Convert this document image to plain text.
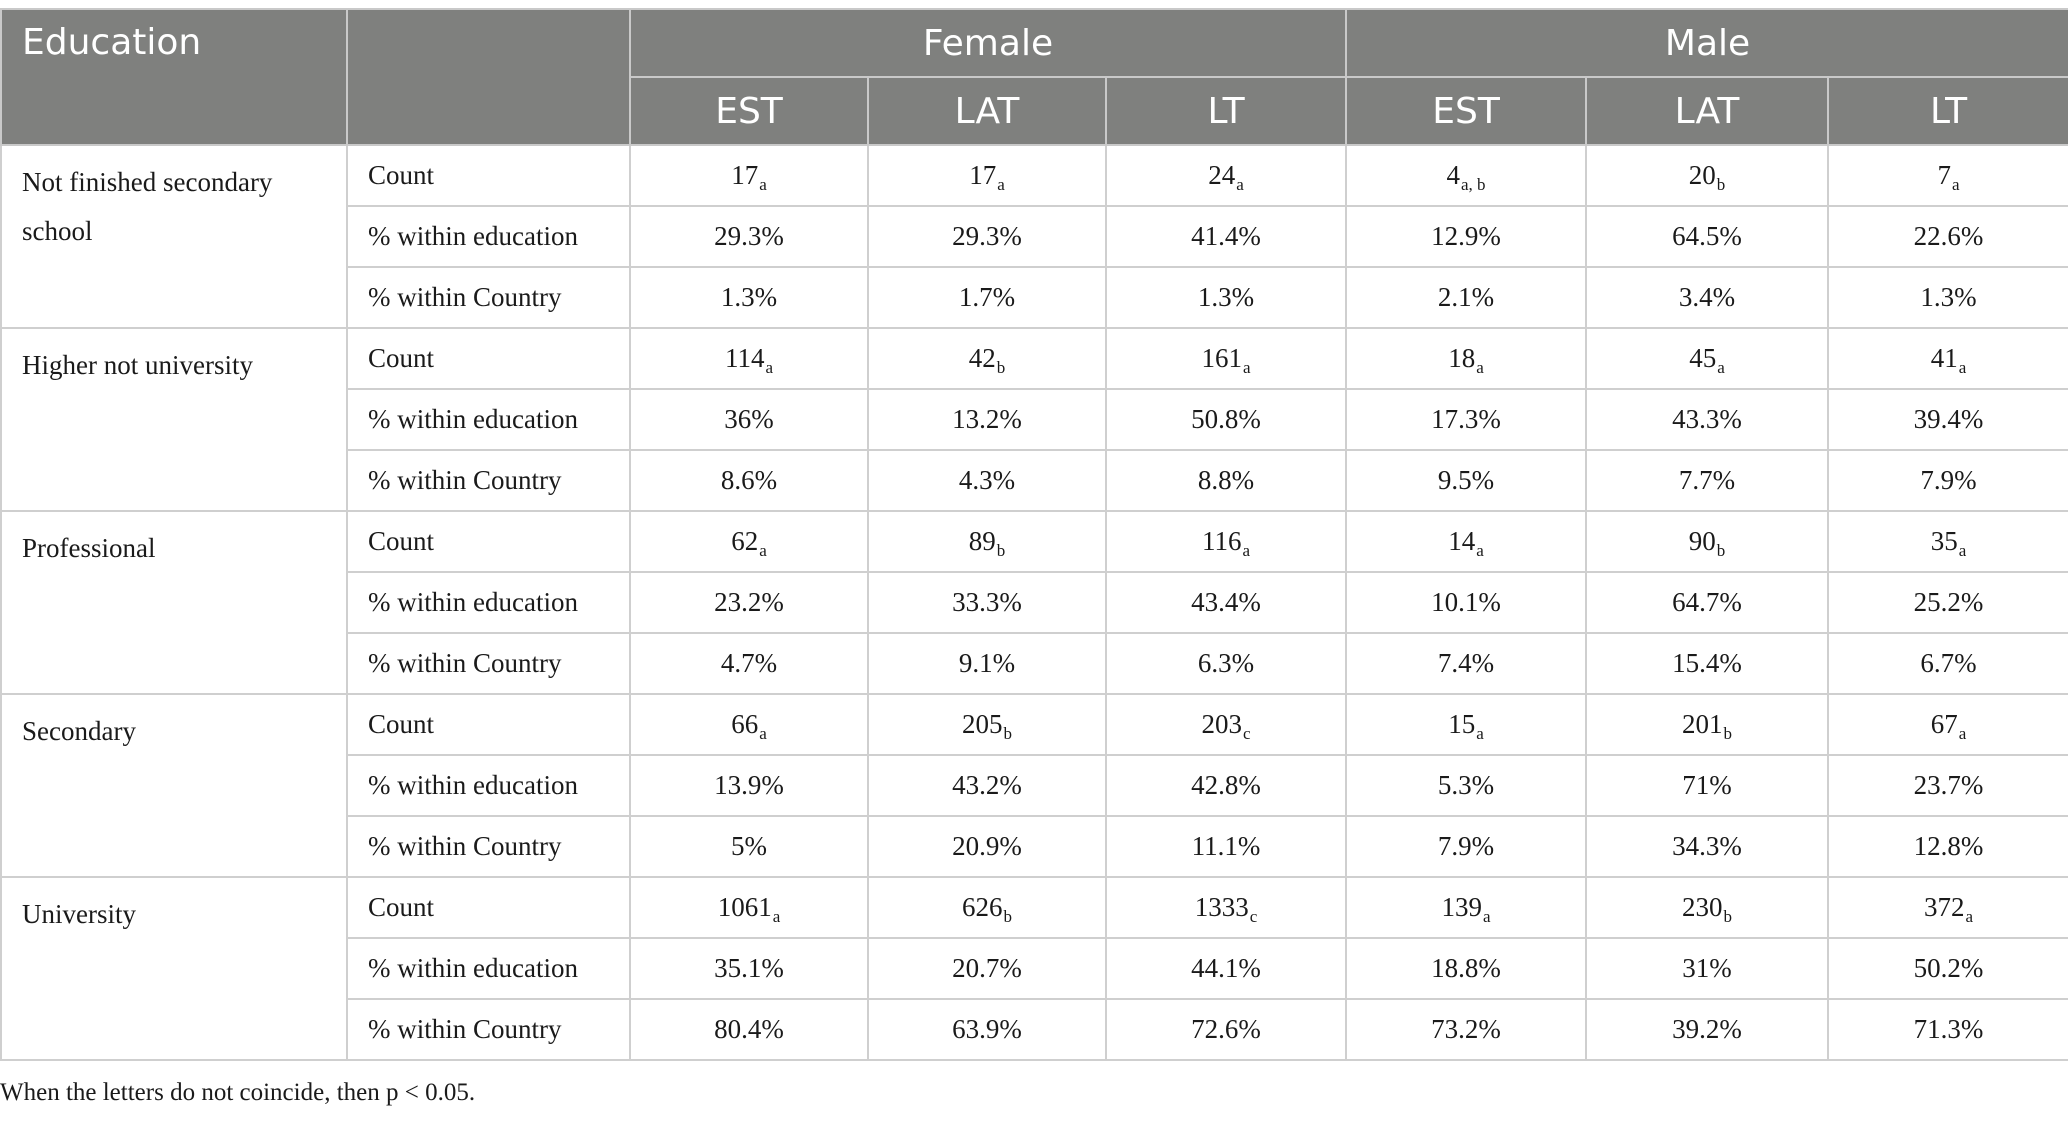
Education		Female			Male		
		EST	LAT	LT	EST	LAT	LT
Not finished secondary school	Count	$17_a$	$17_a$	$24_a$	$4_{a, b}$	$20_b$	$7_a$
	% within education	29.3%	29.3%	41.4%	12.9%	64.5%	22.6%
	% within Country	1.3%	1.7%	1.3%	2.1%	3.4%	1.3%
Higher not university	Count	$114_a$	$42_b$	$161_a$	$18_a$	$45_a$	$41_a$
	% within education	36%	13.2%	50.8%	17.3%	43.3%	39.4%
	% within Country	8.6%	4.3%	8.8%	9.5%	7.7%	7.9%
Professional	Count	$62_a$	$89_b$	$116_a$	$14_a$	$90_b$	$35_a$
	% within education	23.2%	33.3%	43.4%	10.1%	64.7%	25.2%
	% within Country	4.7%	9.1%	6.3%	7.4%	15.4%	6.7%
Secondary	Count	$66_a$	$205_b$	$203_c$	$15_a$	$201_b$	$67_a$
	% within education	13.9%	43.2%	42.8%	5.3%	71%	23.7%
	% within Country	5%	20.9%	11.1%	7.9%	34.3%	12.8%
University	Count	$1061_a$	$626_b$	$1333_c$	$139_a$	$230_b$	$372_a$
	% within education	35.1%	20.7%	44.1%	18.8%	31%	50.2%
	% within Country	80.4%	63.9%	72.6%	73.2%	39.2%	71.3%
When the letters do not coincide, then p < 0.05.
